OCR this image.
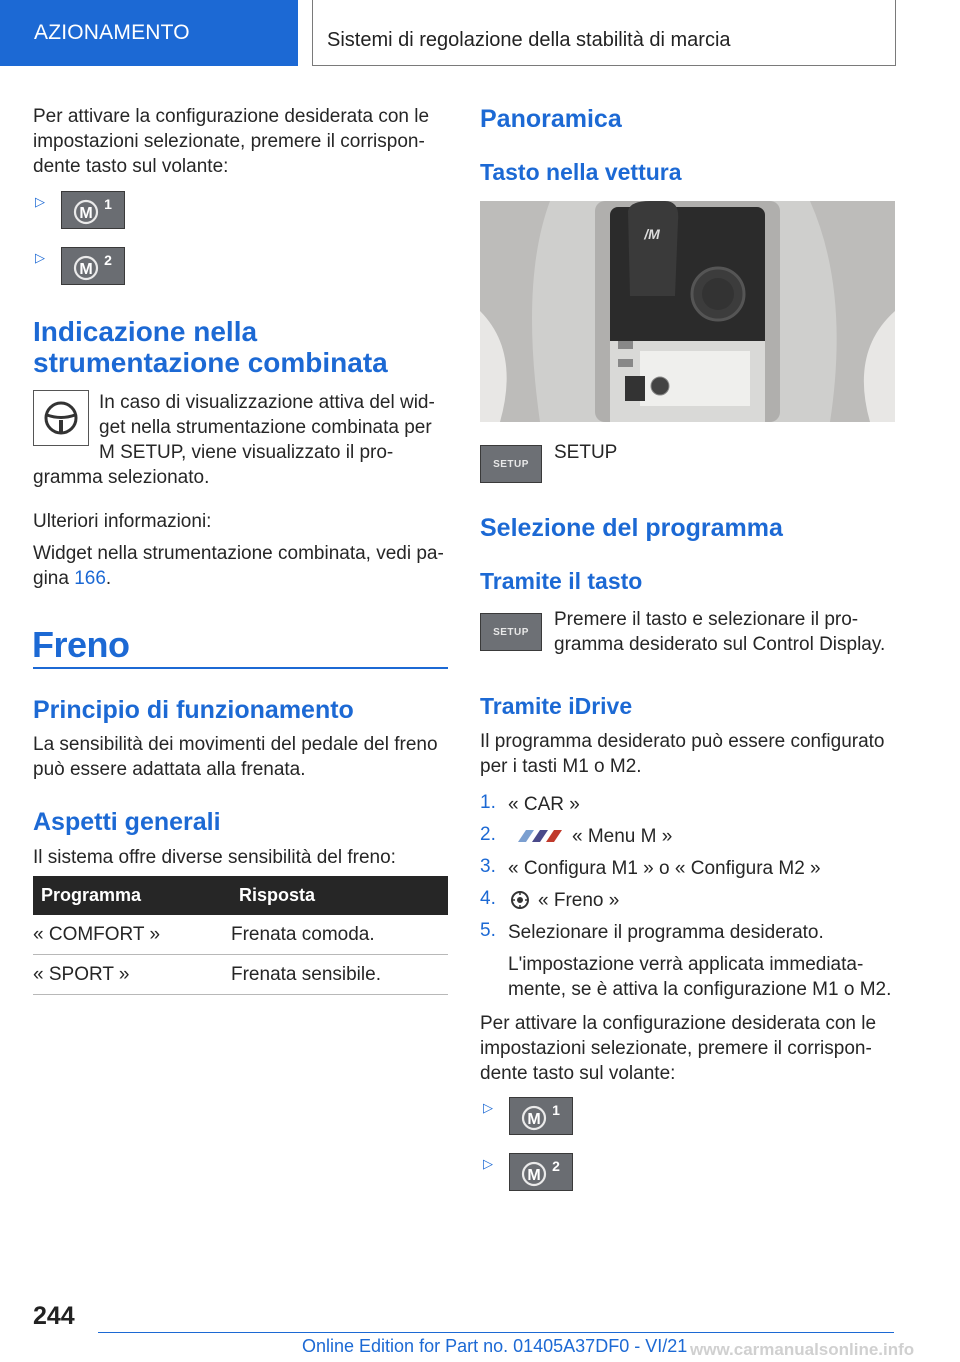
AZIONAMENTO	Sistemi di regolazione della stabilità di marcia

Per attivare la configurazione desiderata con le impostazioni selezionate, premere il corrispon-dente tasto sul volante:

▷
M
1
▷
M
2
Indicazione nella strumentazione combinata

In caso di visualizzazione attiva del wid-

get nella strumentazione combinata per

M SETUP, viene visualizzato il pro-

gramma selezionato.

Ulteriori informazioni:

Widget nella strumentazione combinata, vedi pa-gina 166.

Freno
Principio di funzionamento

La sensibilità dei movimenti del pedale del freno può essere adattata alla frenata.

Aspetti generali

Il sistema offre diverse sensibilità del freno:

Programma	Risposta
« COMFORT »	Frenata comoda.
« SPORT »	Frenata sensibile.
Panoramica
Tasto nella vettura
/M
SETUP

SETUP

Selezione del programma
Tramite il tasto
SETUP

Premere il tasto e selezionare il pro-

gramma desiderato sul Control Display.

Tramite iDrive

Il programma desiderato può essere configurato per i tasti M1 o M2.

1. « CAR »
2.	« Menu M »
3. « Configura M1 » o « Configura M2 »
4. « Freno »
5. Selezionare il programma desiderato.

L'impostazione verrà applicata immediata-mente, se è attiva la configurazione M1 o M2.

Per attivare la configurazione desiderata con le impostazioni selezionate, premere il corrispon-dente tasto sul volante:

▷
M
1
▷
M
2
244
Online Edition for Part no. 01405A37DF0 - VI/21 www.carmanualsonline.info
